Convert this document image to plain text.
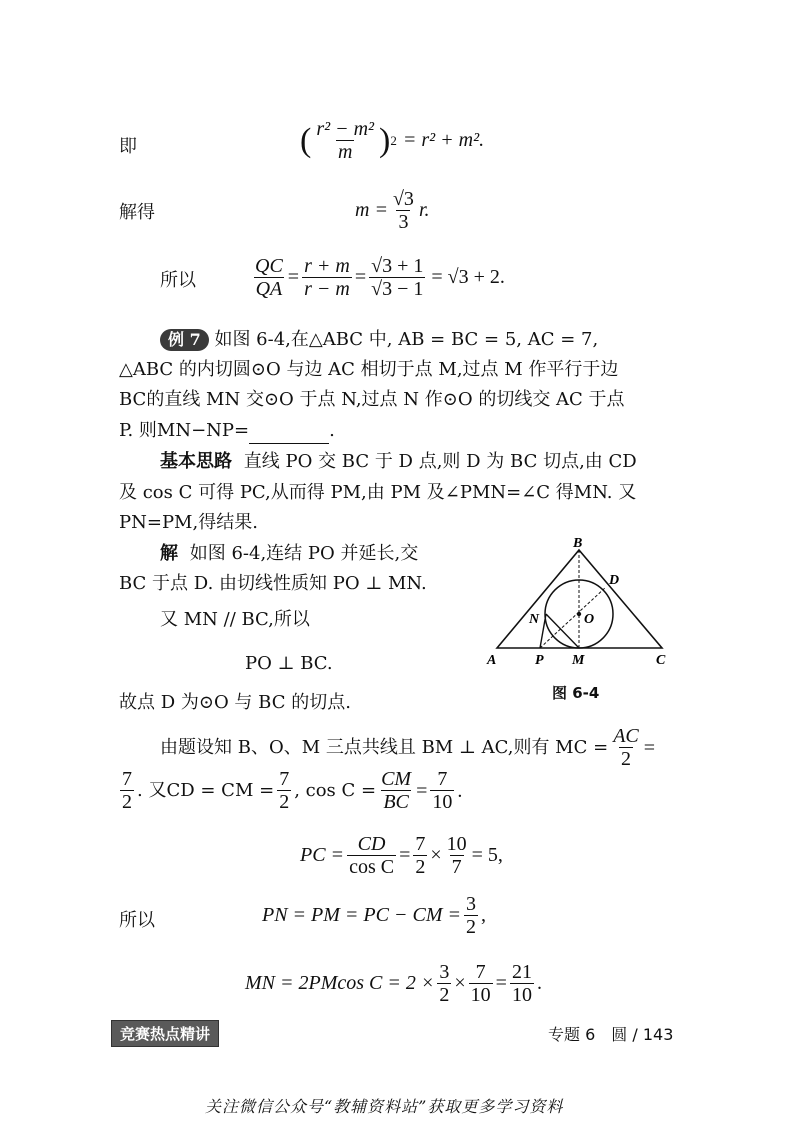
即	( $\frac{\text{r² − m²}}{m}$ ) 2 = r² + m².
解得	$m = \frac{√3}{3} r$.
所以	$\frac{QC}{QA} = \frac{r + m}{r - m} = \frac{√3 + 1}{√3 - 1} = √3 + 2$.
例 7 如图 6-4,在△ABC 中, AB = BC = 5, AC = 7,
△ABC 的内切圆⊙O 与边 AC 相切于点 M,过点 M 作平行于边
BC的直线 MN 交⊙O 于点 N,过点 N 作⊙O 的切线交 AC 于点
P. 则MN−NP=	.
基本思路 直线 PO 交 BC 于 D 点,则 D 为 BC 切点,由 CD
及 cos C 可得 PC,从而得 PM,由 PM 及∠PMN=∠C 得MN. 又
PN=PM,得结果.
解 如图 6-4,连结 PO 并延长,交
BC 于点 D. 由切线性质知 PO ⊥ MN.
又 MN // BC,所以
PO ⊥ BC.
故点 D 为⊙O 与 BC 的切点.
A
B
C
D
N	O
P M
图 6-4
由题设知 B、O、M 三点共线且 BM ⊥ AC,则有 MC = $\frac{AC}{2}$ =
$\frac{7}{2}$ . 又CD = CM = $\frac{7}{2}$ , $\cos C = \frac{CM}{BC} = \frac{7}{10}$ .
PC = $\frac{CD}{\text{cos C}} = \frac{7}{2} \times \frac{10}{7} = 5$,
所以	PN = PM = PC − CM = $\frac{3}{2}$ ,
MN = 2PMcos $C = 2 \times \frac{3}{2} \times \frac{7}{10} = \frac{21}{10}$ .
竞赛热点精讲	专题 6　圆 / 143
关注微信公众号“教辅资料站”获取更多学习资料
